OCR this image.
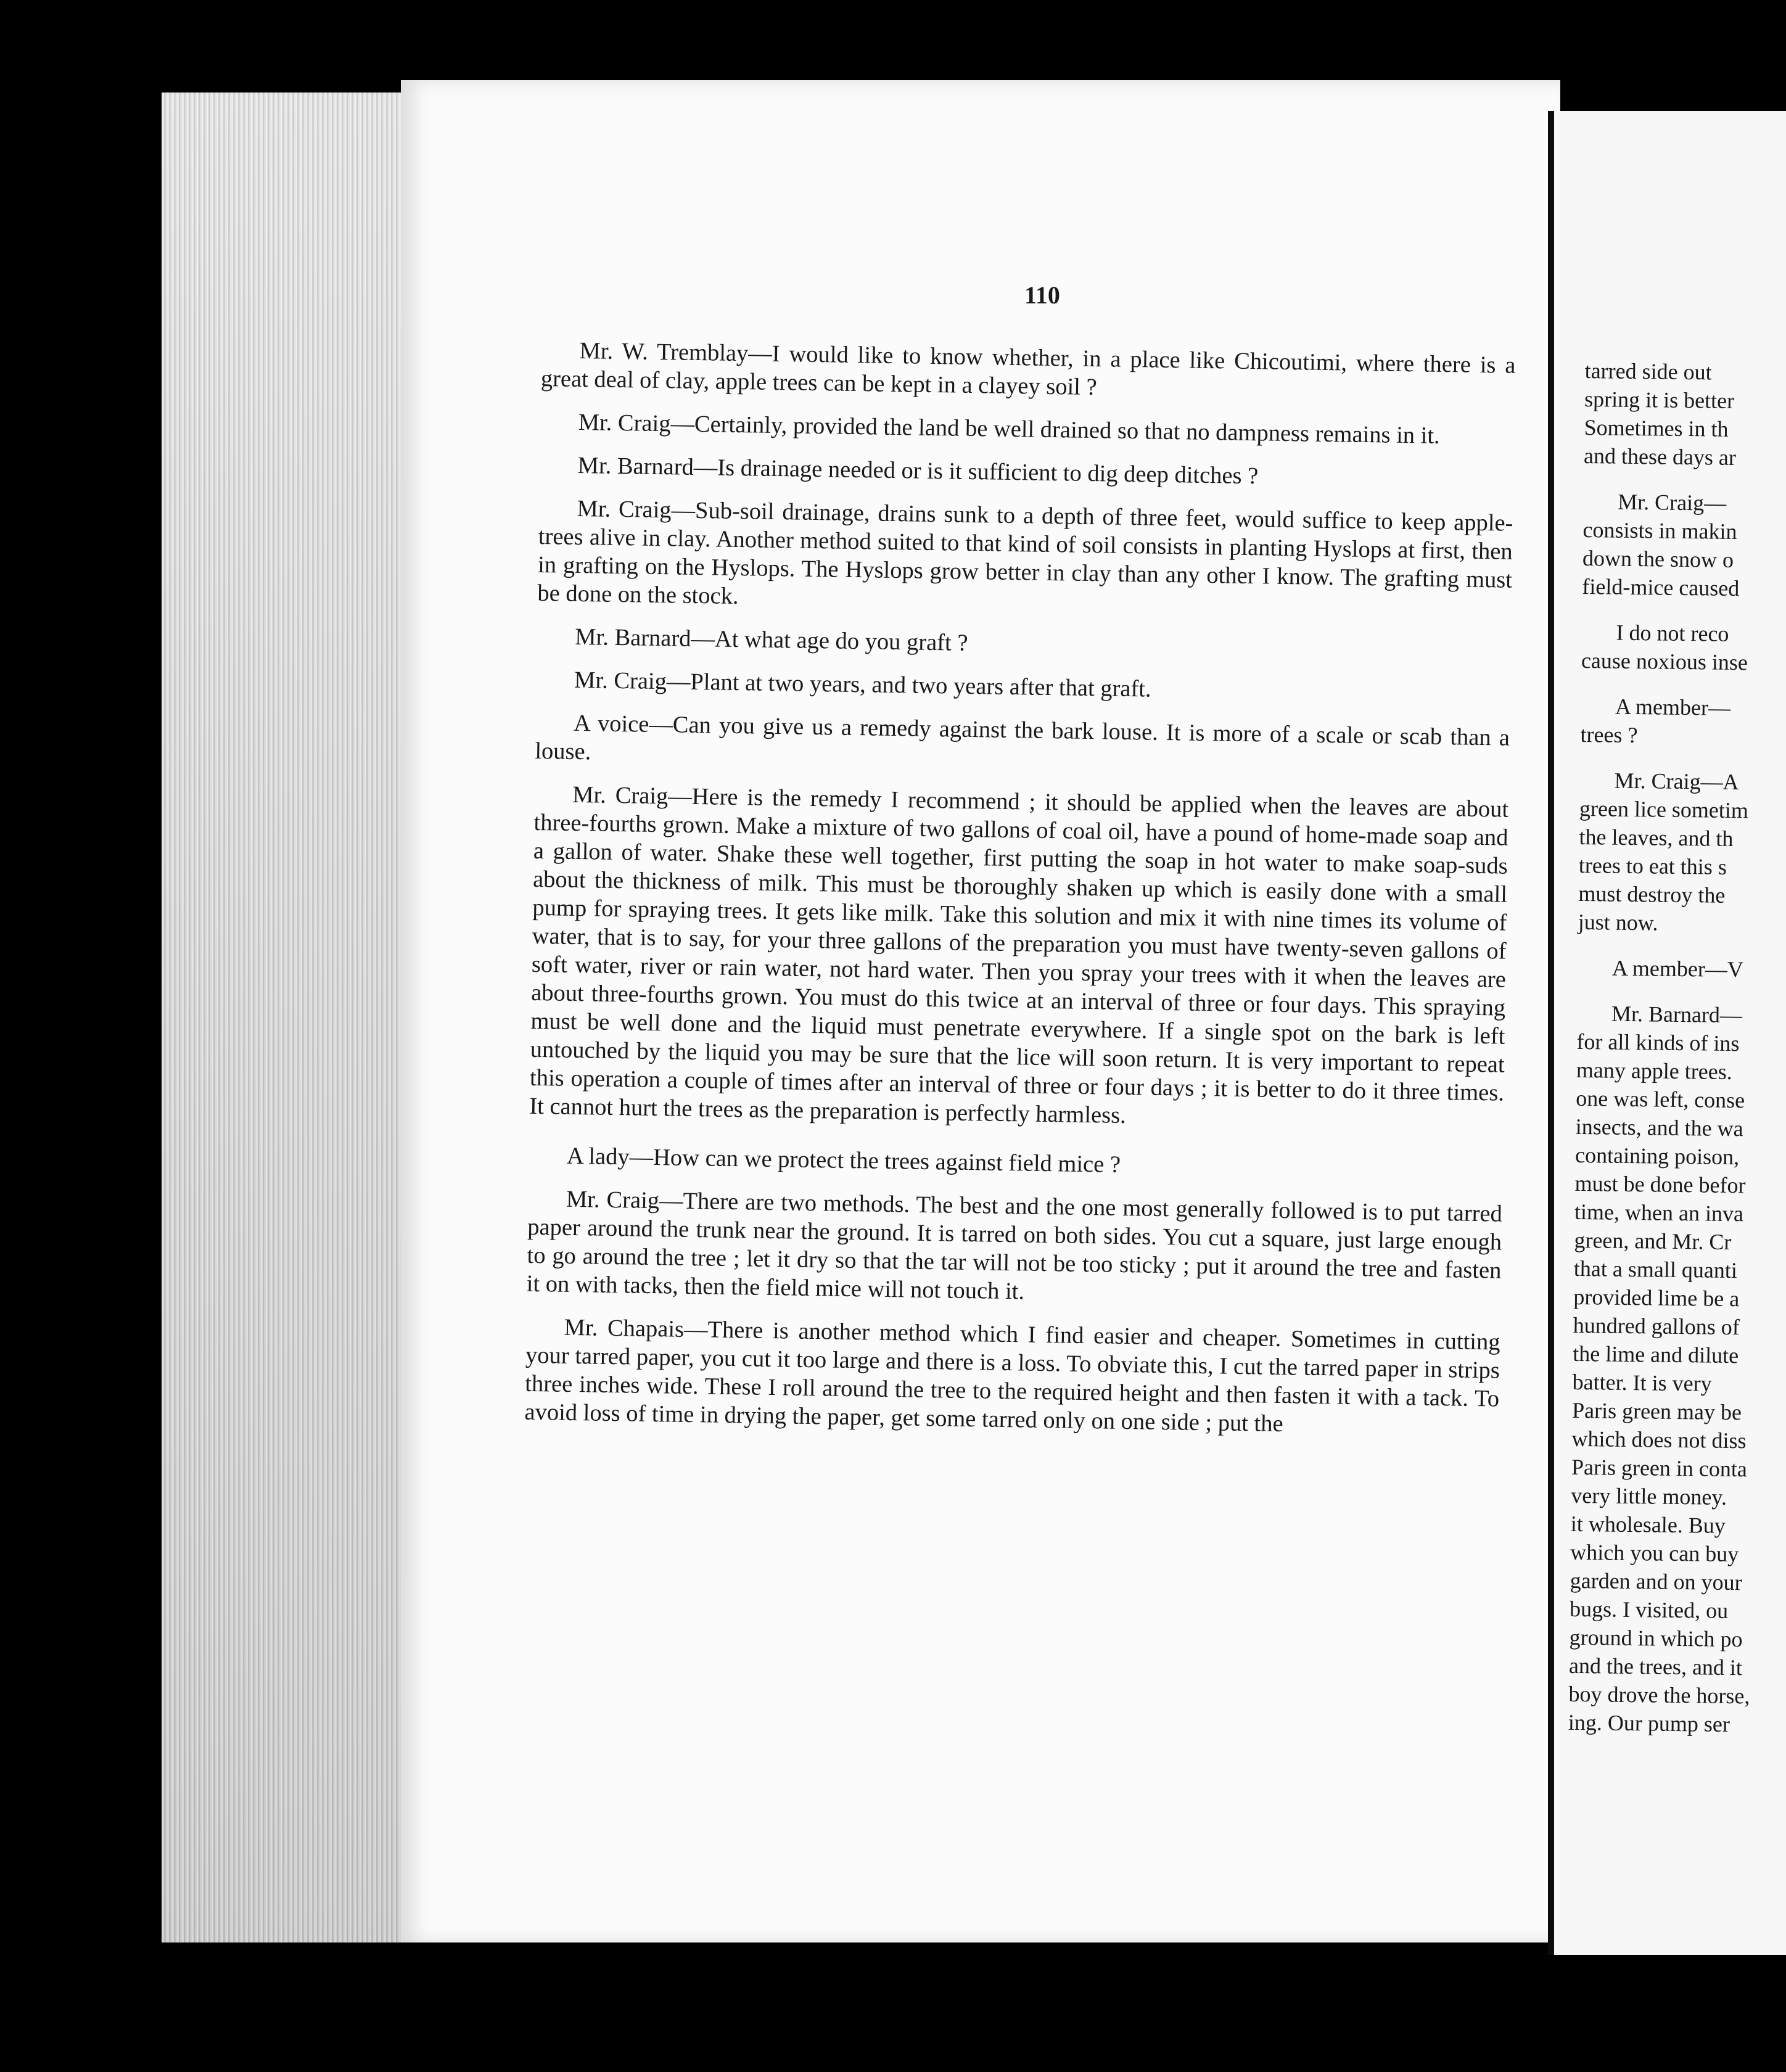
110

Mr. W. Tremblay—I would like to know whether, in a place like Chicoutimi, where there is a great deal of clay, apple trees can be kept in a clayey soil ?

Mr. Craig—Certainly, provided the land be well drained so that no dampness remains in it.

Mr. Barnard—Is drainage needed or is it sufficient to dig deep ditches ?

Mr. Craig—Sub-soil drainage, drains sunk to a depth of three feet, would suffice to keep apple-trees alive in clay. Another method suited to that kind of soil consists in planting Hyslops at first, then in grafting on the Hyslops. The Hyslops grow better in clay than any other I know. The grafting must be done on the stock.

Mr. Barnard—At what age do you graft ?

Mr. Craig—Plant at two years, and two years after that graft.

A voice—Can you give us a remedy against the bark louse. It is more of a scale or scab than a louse.

Mr. Craig—Here is the remedy I recommend ; it should be applied when the leaves are about three-fourths grown. Make a mixture of two gallons of coal oil, have a pound of home-made soap and a gallon of water. Shake these well together, first putting the soap in hot water to make soap-suds about the thickness of milk. This must be thoroughly shaken up which is easily done with a small pump for spraying trees. It gets like milk. Take this solution and mix it with nine times its volume of water, that is to say, for your three gallons of the preparation you must have twenty-seven gallons of soft water, river or rain water, not hard water. Then you spray your trees with it when the leaves are about three-fourths grown. You must do this twice at an interval of three or four days. This spraying must be well done and the liquid must penetrate everywhere. If a single spot on the bark is left untouched by the liquid you may be sure that the lice will soon return. It is very important to repeat this operation a couple of times after an interval of three or four days ; it is better to do it three times. It cannot hurt the trees as the preparation is perfectly harmless.

A lady—How can we protect the trees against field mice ?

Mr. Craig—There are two methods. The best and the one most generally followed is to put tarred paper around the trunk near the ground. It is tarred on both sides. You cut a square, just large enough to go around the tree ; let it dry so that the tar will not be too sticky ; put it around the tree and fasten it on with tacks, then the field mice will not touch it.

Mr. Chapais—There is another method which I find easier and cheaper. Sometimes in cutting your tarred paper, you cut it too large and there is a loss. To obviate this, I cut the tarred paper in strips three inches wide. These I roll around the tree to the required height and then fasten it with a tack. To avoid loss of time in drying the paper, get some tarred only on one side ; put the

tarred side out
spring it is better
Sometimes in th
and these days ar
Mr. Craig—
consists in makin
down the snow o
field-mice caused
I do not reco
cause noxious inse
A member—
trees ?
Mr. Craig—A
green lice sometim
the leaves, and th
trees to eat this s
must destroy the
just now.
A member—V
Mr. Barnard—
for all kinds of ins
many apple trees.
one was left, conse
insects, and the wa
containing poison,
must be done befor
time, when an inva
green, and Mr. Cr
that a small quanti
provided lime be a
hundred gallons of
the lime and dilute
batter. It is very
Paris green may be
which does not diss
Paris green in conta
very little money.
it wholesale. Buy
which you can buy
garden and on your
bugs. I visited, ou
ground in which po
and the trees, and it
boy drove the horse,
ing. Our pump ser
